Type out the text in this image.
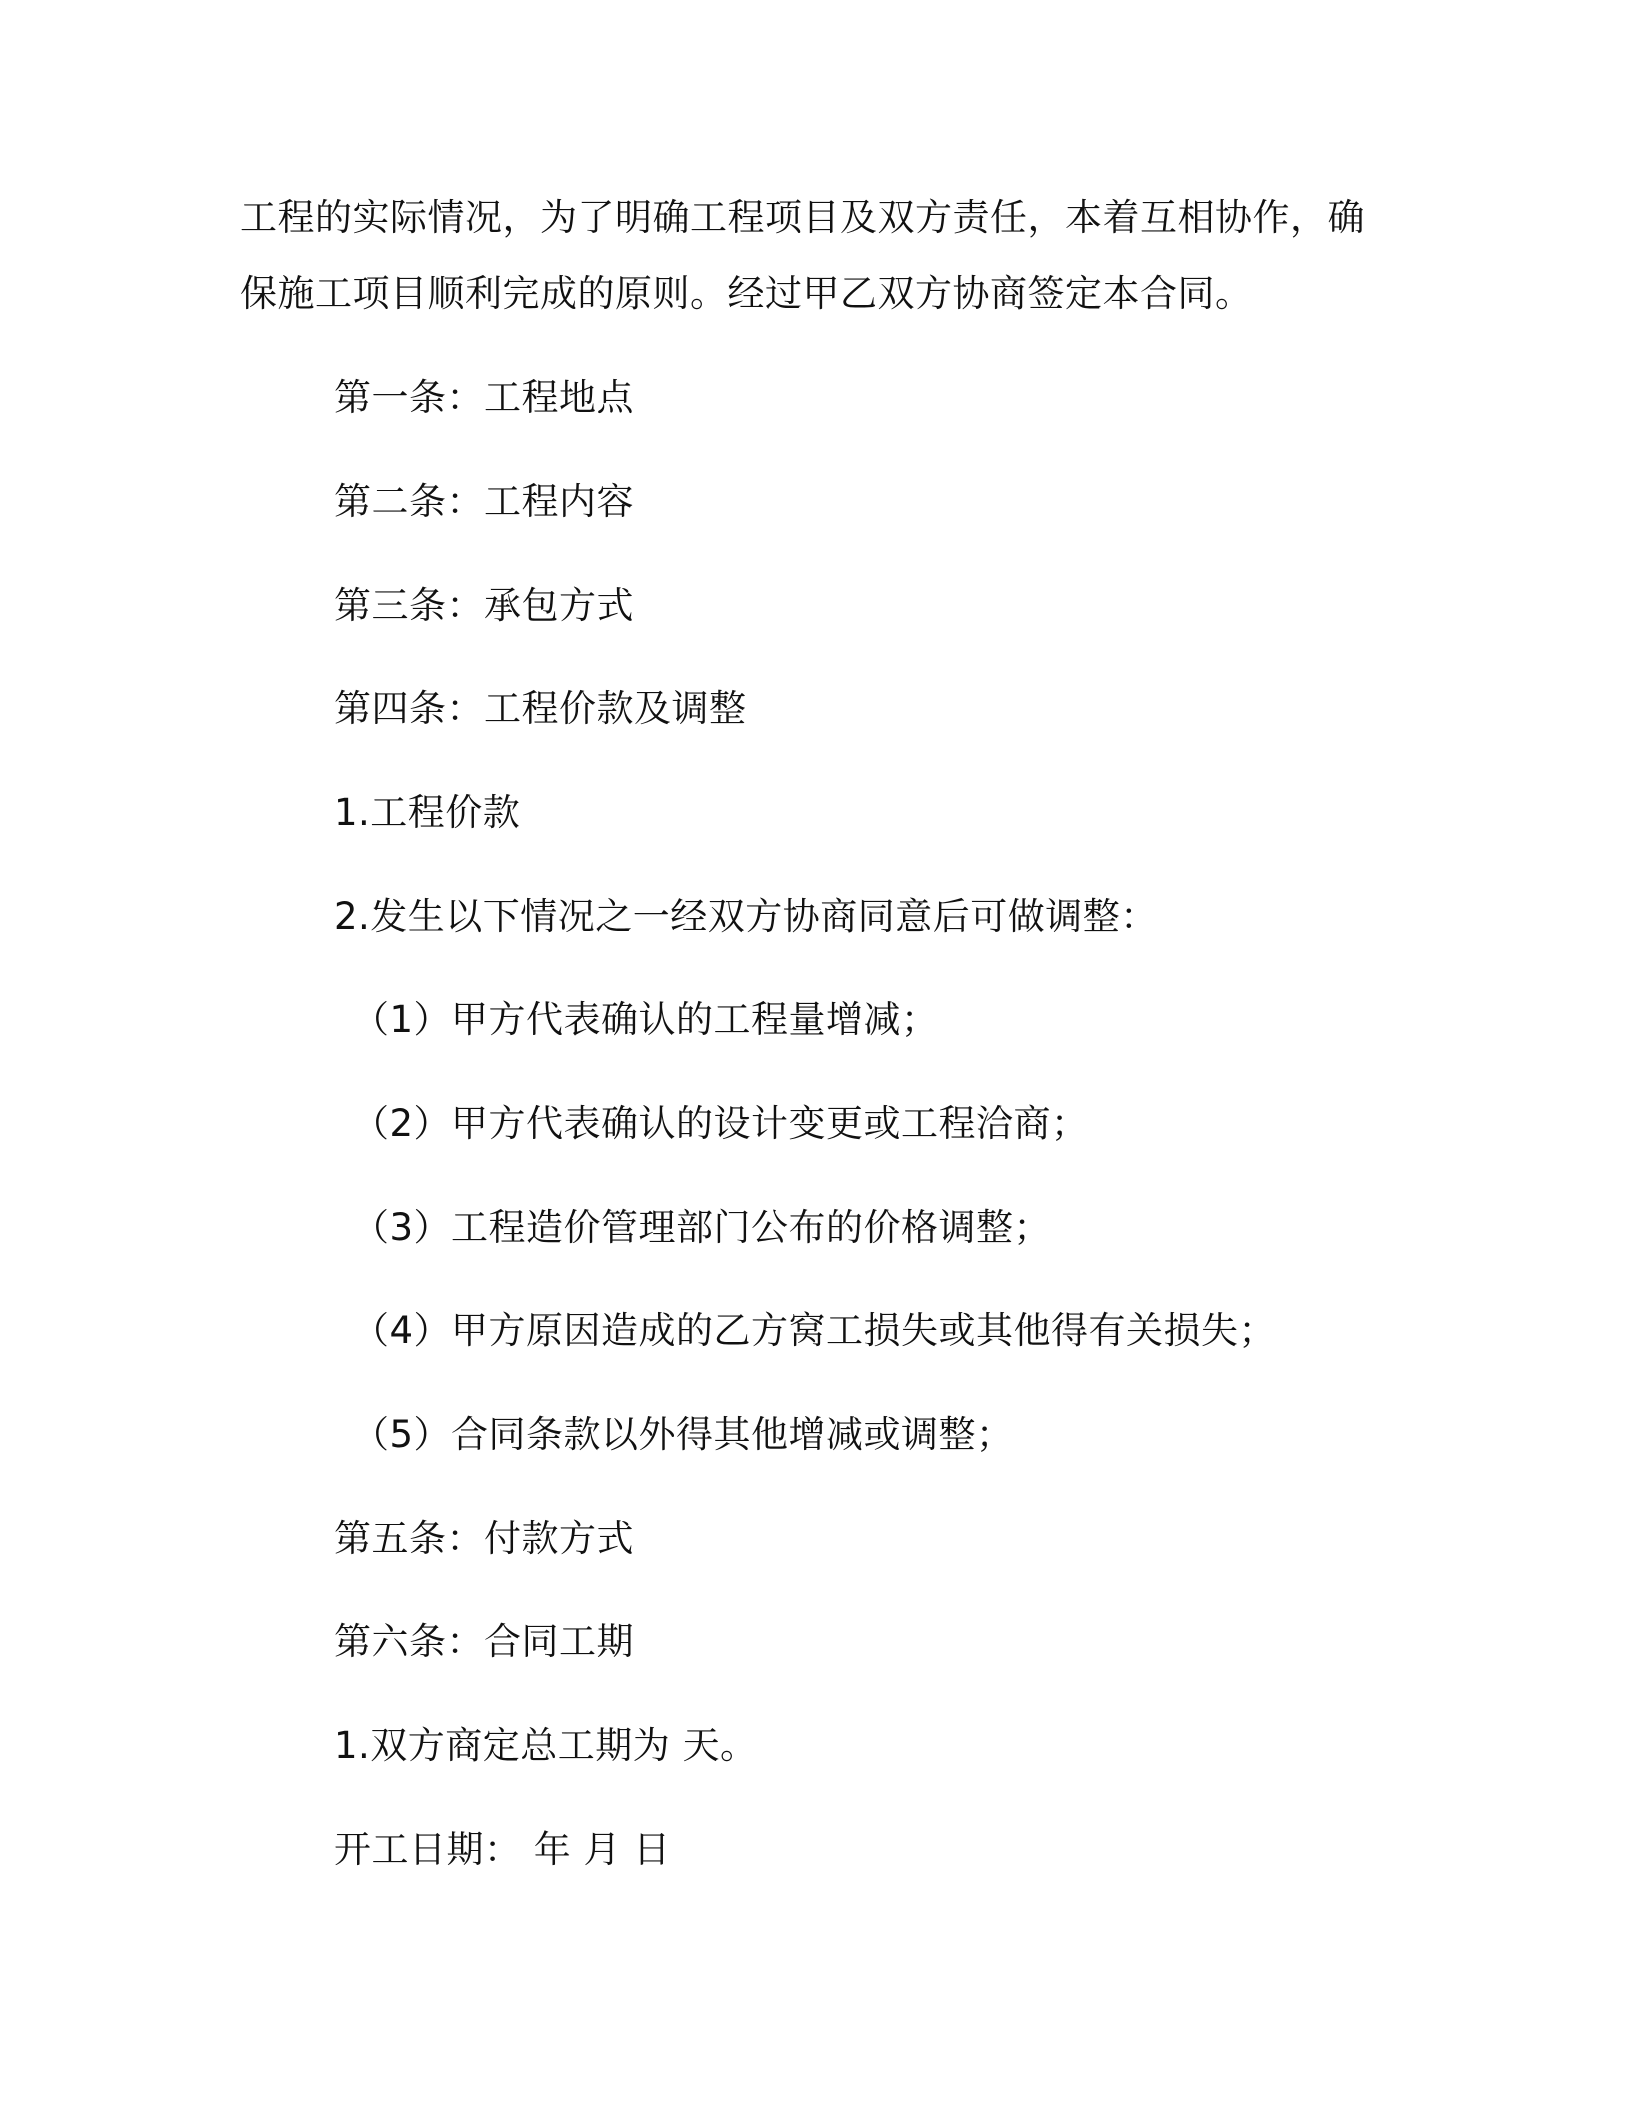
工程的实际情况，为了明确工程项目及双方责任，本着互相协作，确
保施工项目顺利完成的原则。经过甲乙双方协商签定本合同。
第一条：工程地点
第二条：工程内容
第三条：承包方式
第四条：工程价款及调整
1.工程价款
2.发生以下情况之一经双方协商同意后可做调整：
（1）甲方代表确认的工程量增减；
（2）甲方代表确认的设计变更或工程洽商；
（3）工程造价管理部门公布的价格调整；
（4）甲方原因造成的乙方窝工损失或其他得有关损失；
（5）合同条款以外得其他增减或调整；
第五条：付款方式
第六条：合同工期
1.双方商定总工期为 天。
开工日期： 年 月 日
